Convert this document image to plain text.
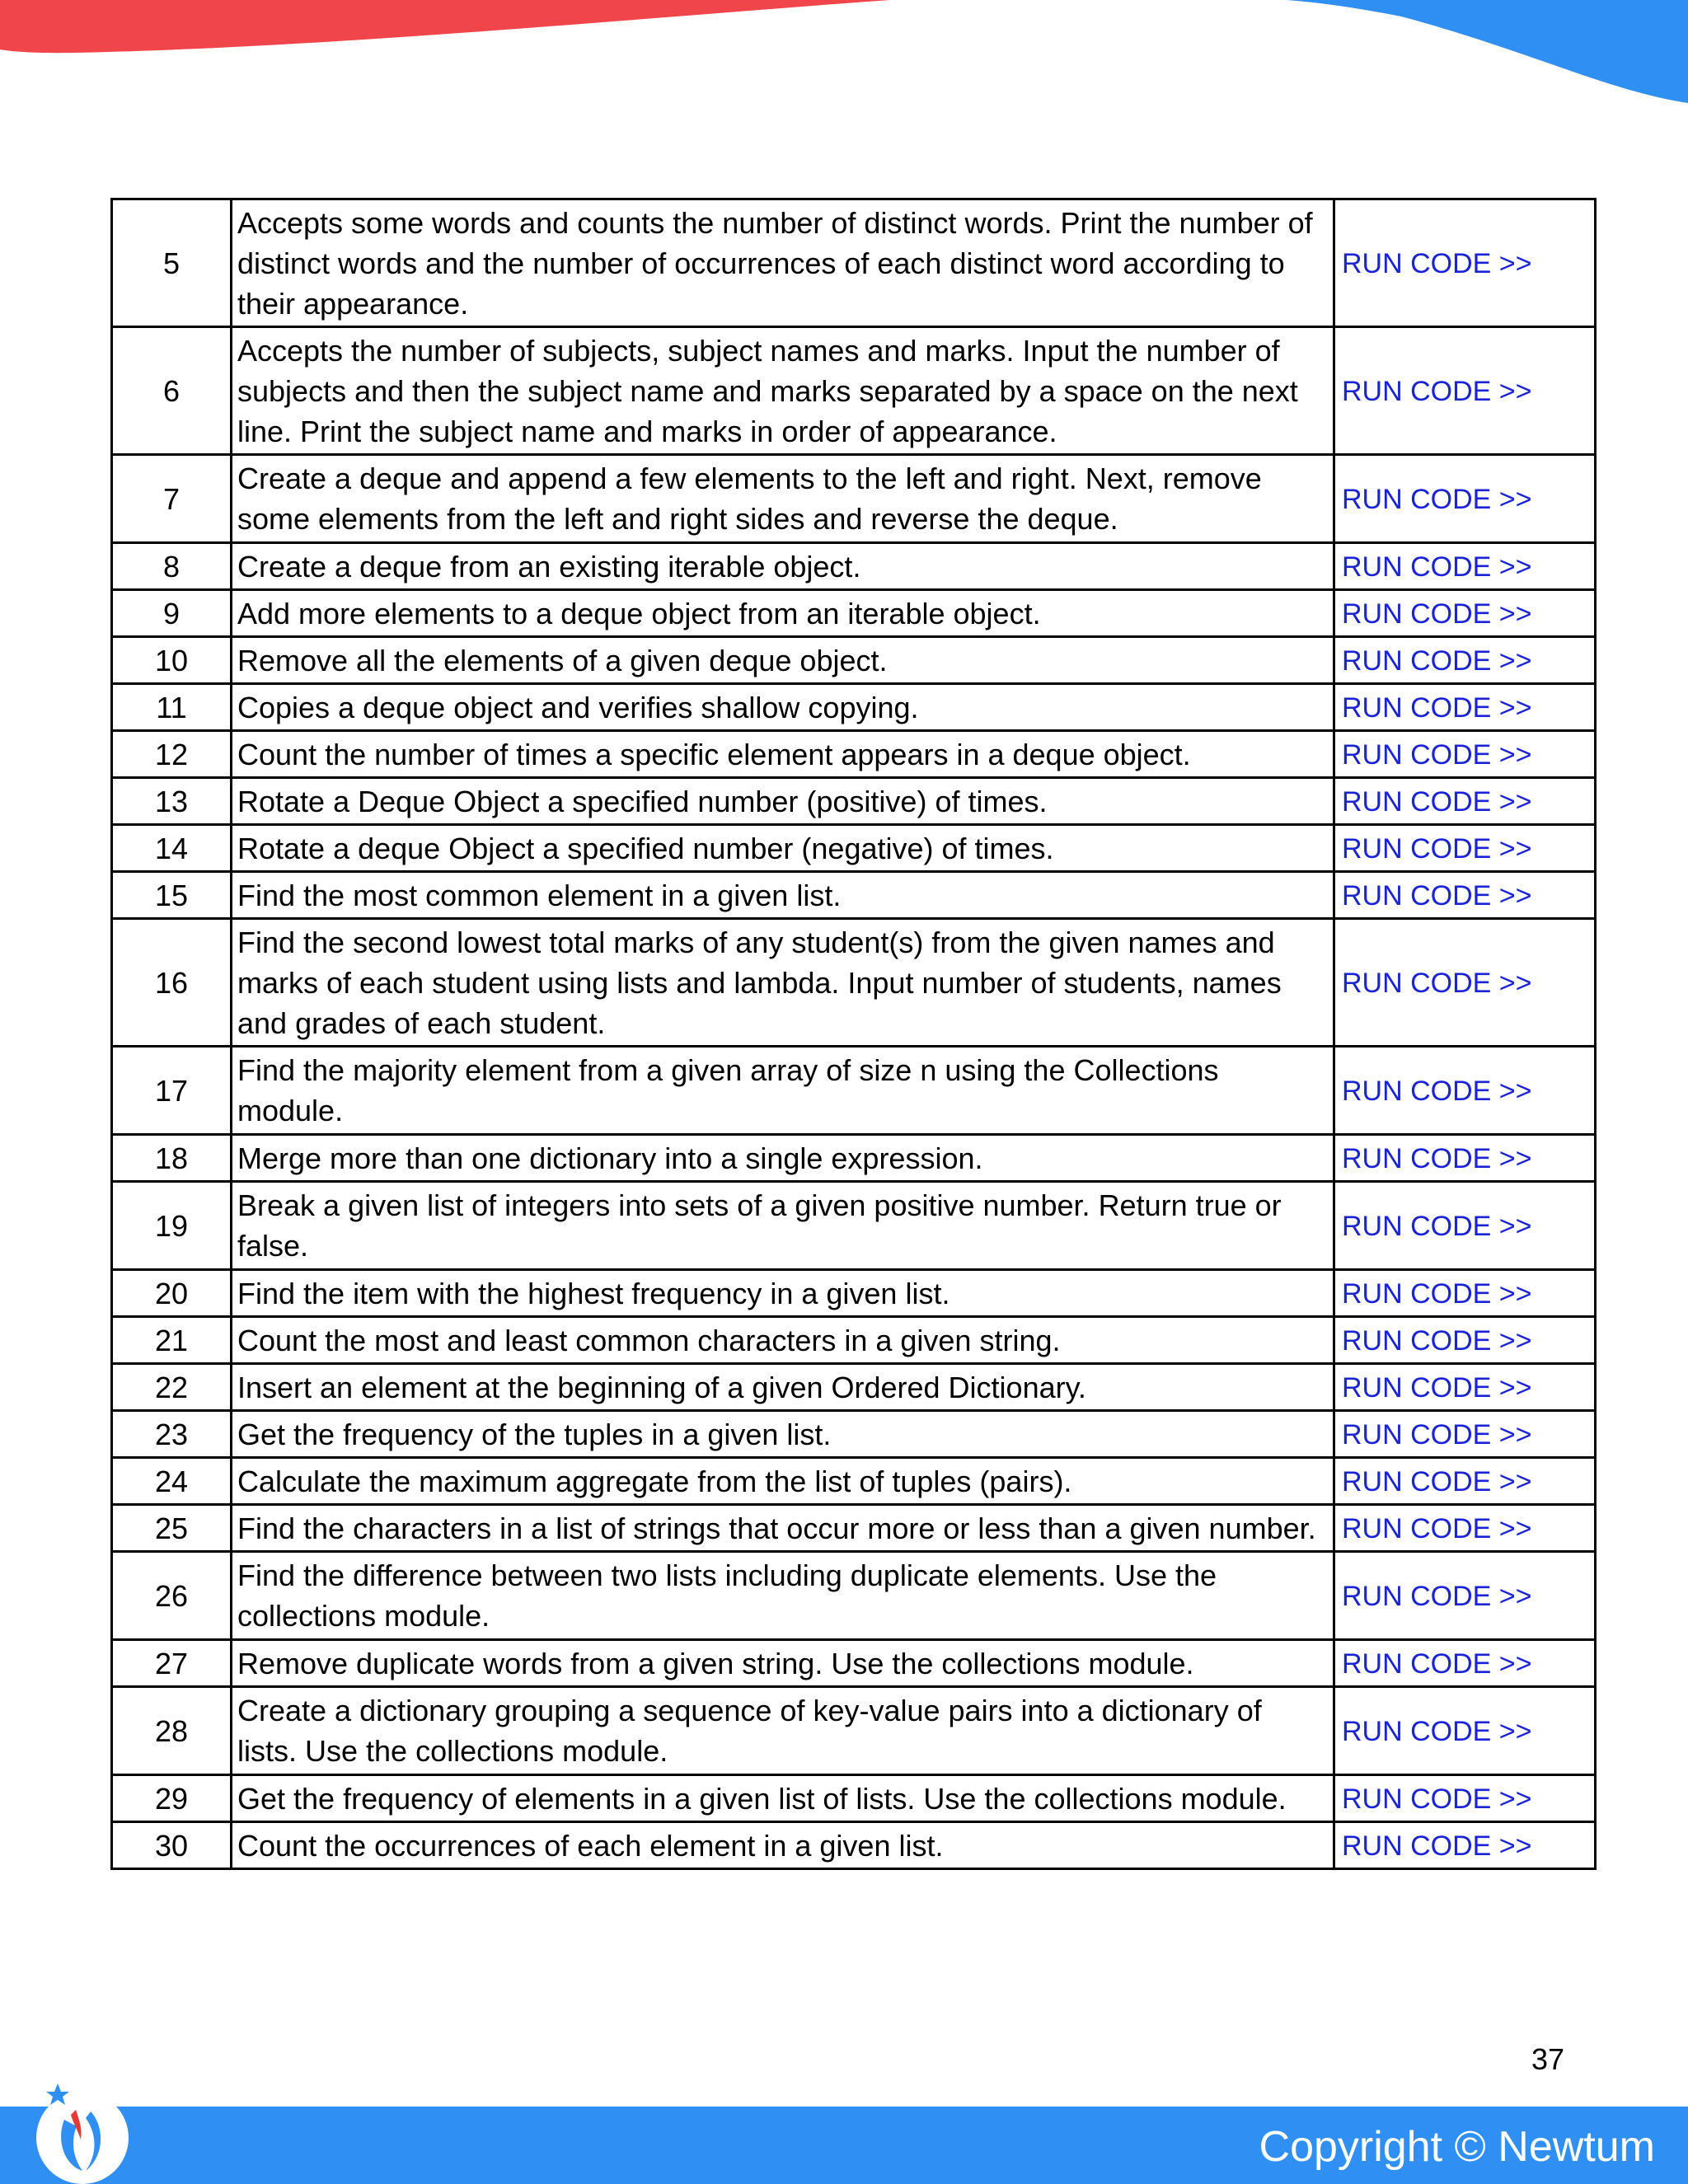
5	Accepts some words and counts the number of distinct words. Print the number of distinct words and the number of occurrences of each distinct word according to their appearance.	RUN CODE >>
6	Accepts the number of subjects, subject names and marks. Input the number of subjects and then the subject name and marks separated by a space on the next line. Print the subject name and marks in order of appearance.	RUN CODE >>
7	Create a deque and append a few elements to the left and right. Next, remove some elements from the left and right sides and reverse the deque.	RUN CODE >>
8	Create a deque from an existing iterable object.	RUN CODE >>
9	Add more elements to a deque object from an iterable object.	RUN CODE >>
10	Remove all the elements of a given deque object.	RUN CODE >>
11	Copies a deque object and verifies shallow copying.	RUN CODE >>
12	Count the number of times a specific element appears in a deque object.	RUN CODE >>
13	Rotate a Deque Object a specified number (positive) of times.	RUN CODE >>
14	Rotate a deque Object a specified number (negative) of times.	RUN CODE >>
15	Find the most common element in a given list.	RUN CODE >>
16	Find the second lowest total marks of any student(s) from the given names and marks of each student using lists and lambda. Input number of students, names and grades of each student.	RUN CODE >>
17	Find the majority element from a given array of size n using the Collections module.	RUN CODE >>
18	Merge more than one dictionary into a single expression.	RUN CODE >>
19	Break a given list of integers into sets of a given positive number. Return true or false.	RUN CODE >>
20	Find the item with the highest frequency in a given list.	RUN CODE >>
21	Count the most and least common characters in a given string.	RUN CODE >>
22	Insert an element at the beginning of a given Ordered Dictionary.	RUN CODE >>
23	Get the frequency of the tuples in a given list.	RUN CODE >>
24	Calculate the maximum aggregate from the list of tuples (pairs).	RUN CODE >>
25	Find the characters in a list of strings that occur more or less than a given number.	RUN CODE >>
26	Find the difference between two lists including duplicate elements. Use the collections module.	RUN CODE >>
27	Remove duplicate words from a given string. Use the collections module.	RUN CODE >>
28	Create a dictionary grouping a sequence of key-value pairs into a dictionary of lists. Use the collections module.	RUN CODE >>
29	Get the frequency of elements in a given list of lists. Use the collections module.	RUN CODE >>
30	Count the occurrences of each element in a given list.	RUN CODE >>
37
Copyright © Newtum
